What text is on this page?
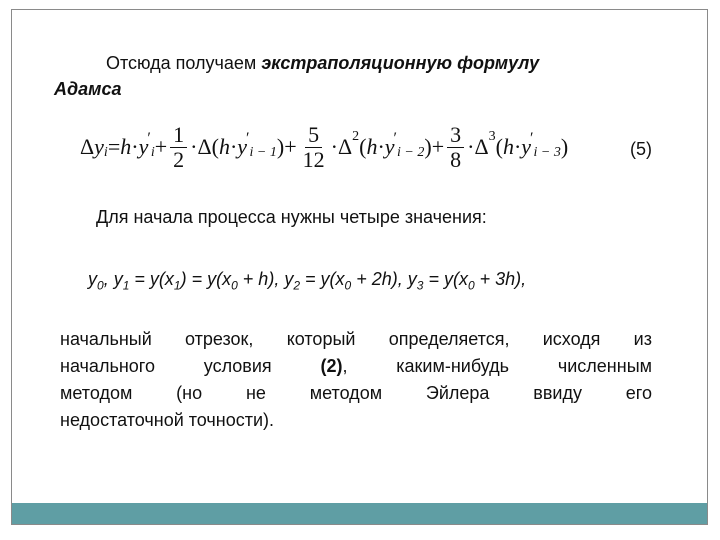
Отсюда получаем экстраполяционную формулу
Адамса
Δ y i = h · y ′
$i + \frac{1}{2} \cdot \Delta$ ( h · y ′
i − 1 ) + $\frac{5}{12} \cdot \Delta$ 2 ( h · y ′
i − 2 ) + $\frac{3}{8} \cdot \Delta$ 3 ( h · y ′
i − 3 )	(5)
Для начала процесса нужны четыре значения:
$y_0$, $y_1 = y(x_1) = y(x_0 + h)$, $y_2 = y(x_0 + 2h)$, $y_3 = y(x_0 + 3h)$,
начальный отрезок, который определяется, исходя из
начального условия (2), каким-нибудь численным
методом (но не методом Эйлера ввиду его
недостаточной точности).
